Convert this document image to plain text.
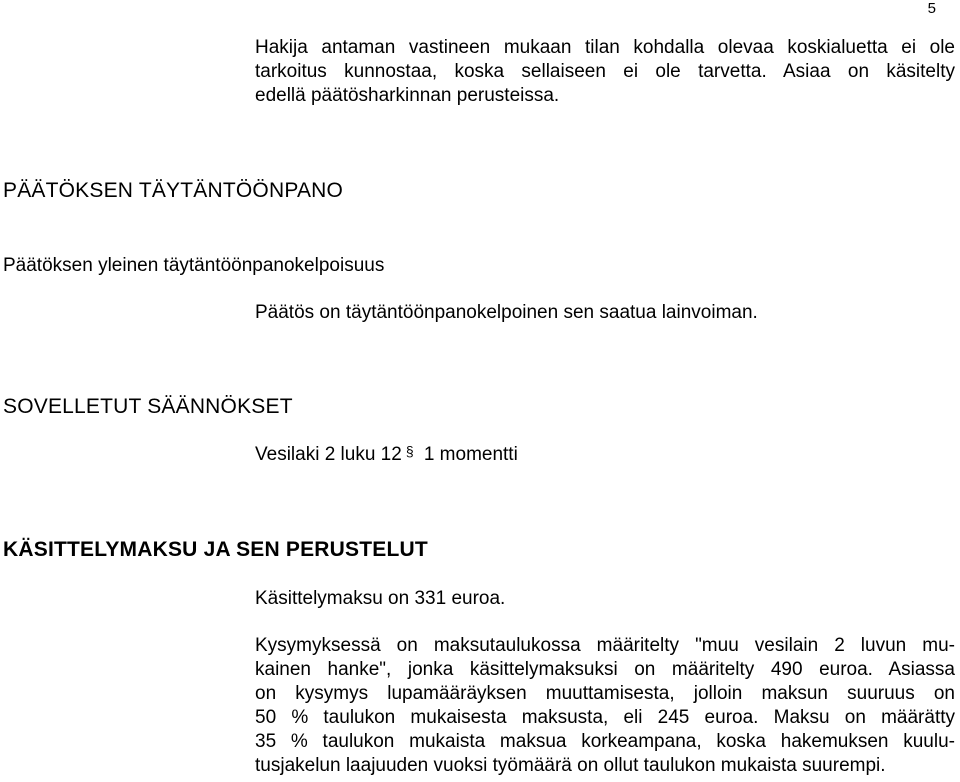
5
Hakija antaman vastineen mukaan tilan kohdalla olevaa koskialuetta ei ole
tarkoitus kunnostaa, koska sellaiseen ei ole tarvetta. Asiaa on käsitelty
edellä päätösharkinnan perusteissa.
PÄÄTÖKSEN TÄYTÄNTÖÖNPANO
Päätöksen yleinen täytäntöönpanokelpoisuus
Päätös on täytäntöönpanokelpoinen sen saatua lainvoiman.
SOVELLETUT SÄÄNNÖKSET
Vesilaki 2 luku 12 § 1 momentti
KÄSITTELYMAKSU JA SEN PERUSTELUT
Käsittelymaksu on 331 euroa.
Kysymyksessä on maksutaulukossa määritelty "muu vesilain 2 luvun mu-
kainen hanke", jonka käsittelymaksuksi on määritelty 490 euroa. Asiassa
on kysymys lupamääräyksen muuttamisesta, jolloin maksun suuruus on
50 % taulukon mukaisesta maksusta, eli 245 euroa. Maksu on määrätty
35 % taulukon mukaista maksua korkeampana, koska hakemuksen kuulu-
tusjakelun laajuuden vuoksi työmäärä on ollut taulukon mukaista suurempi.
